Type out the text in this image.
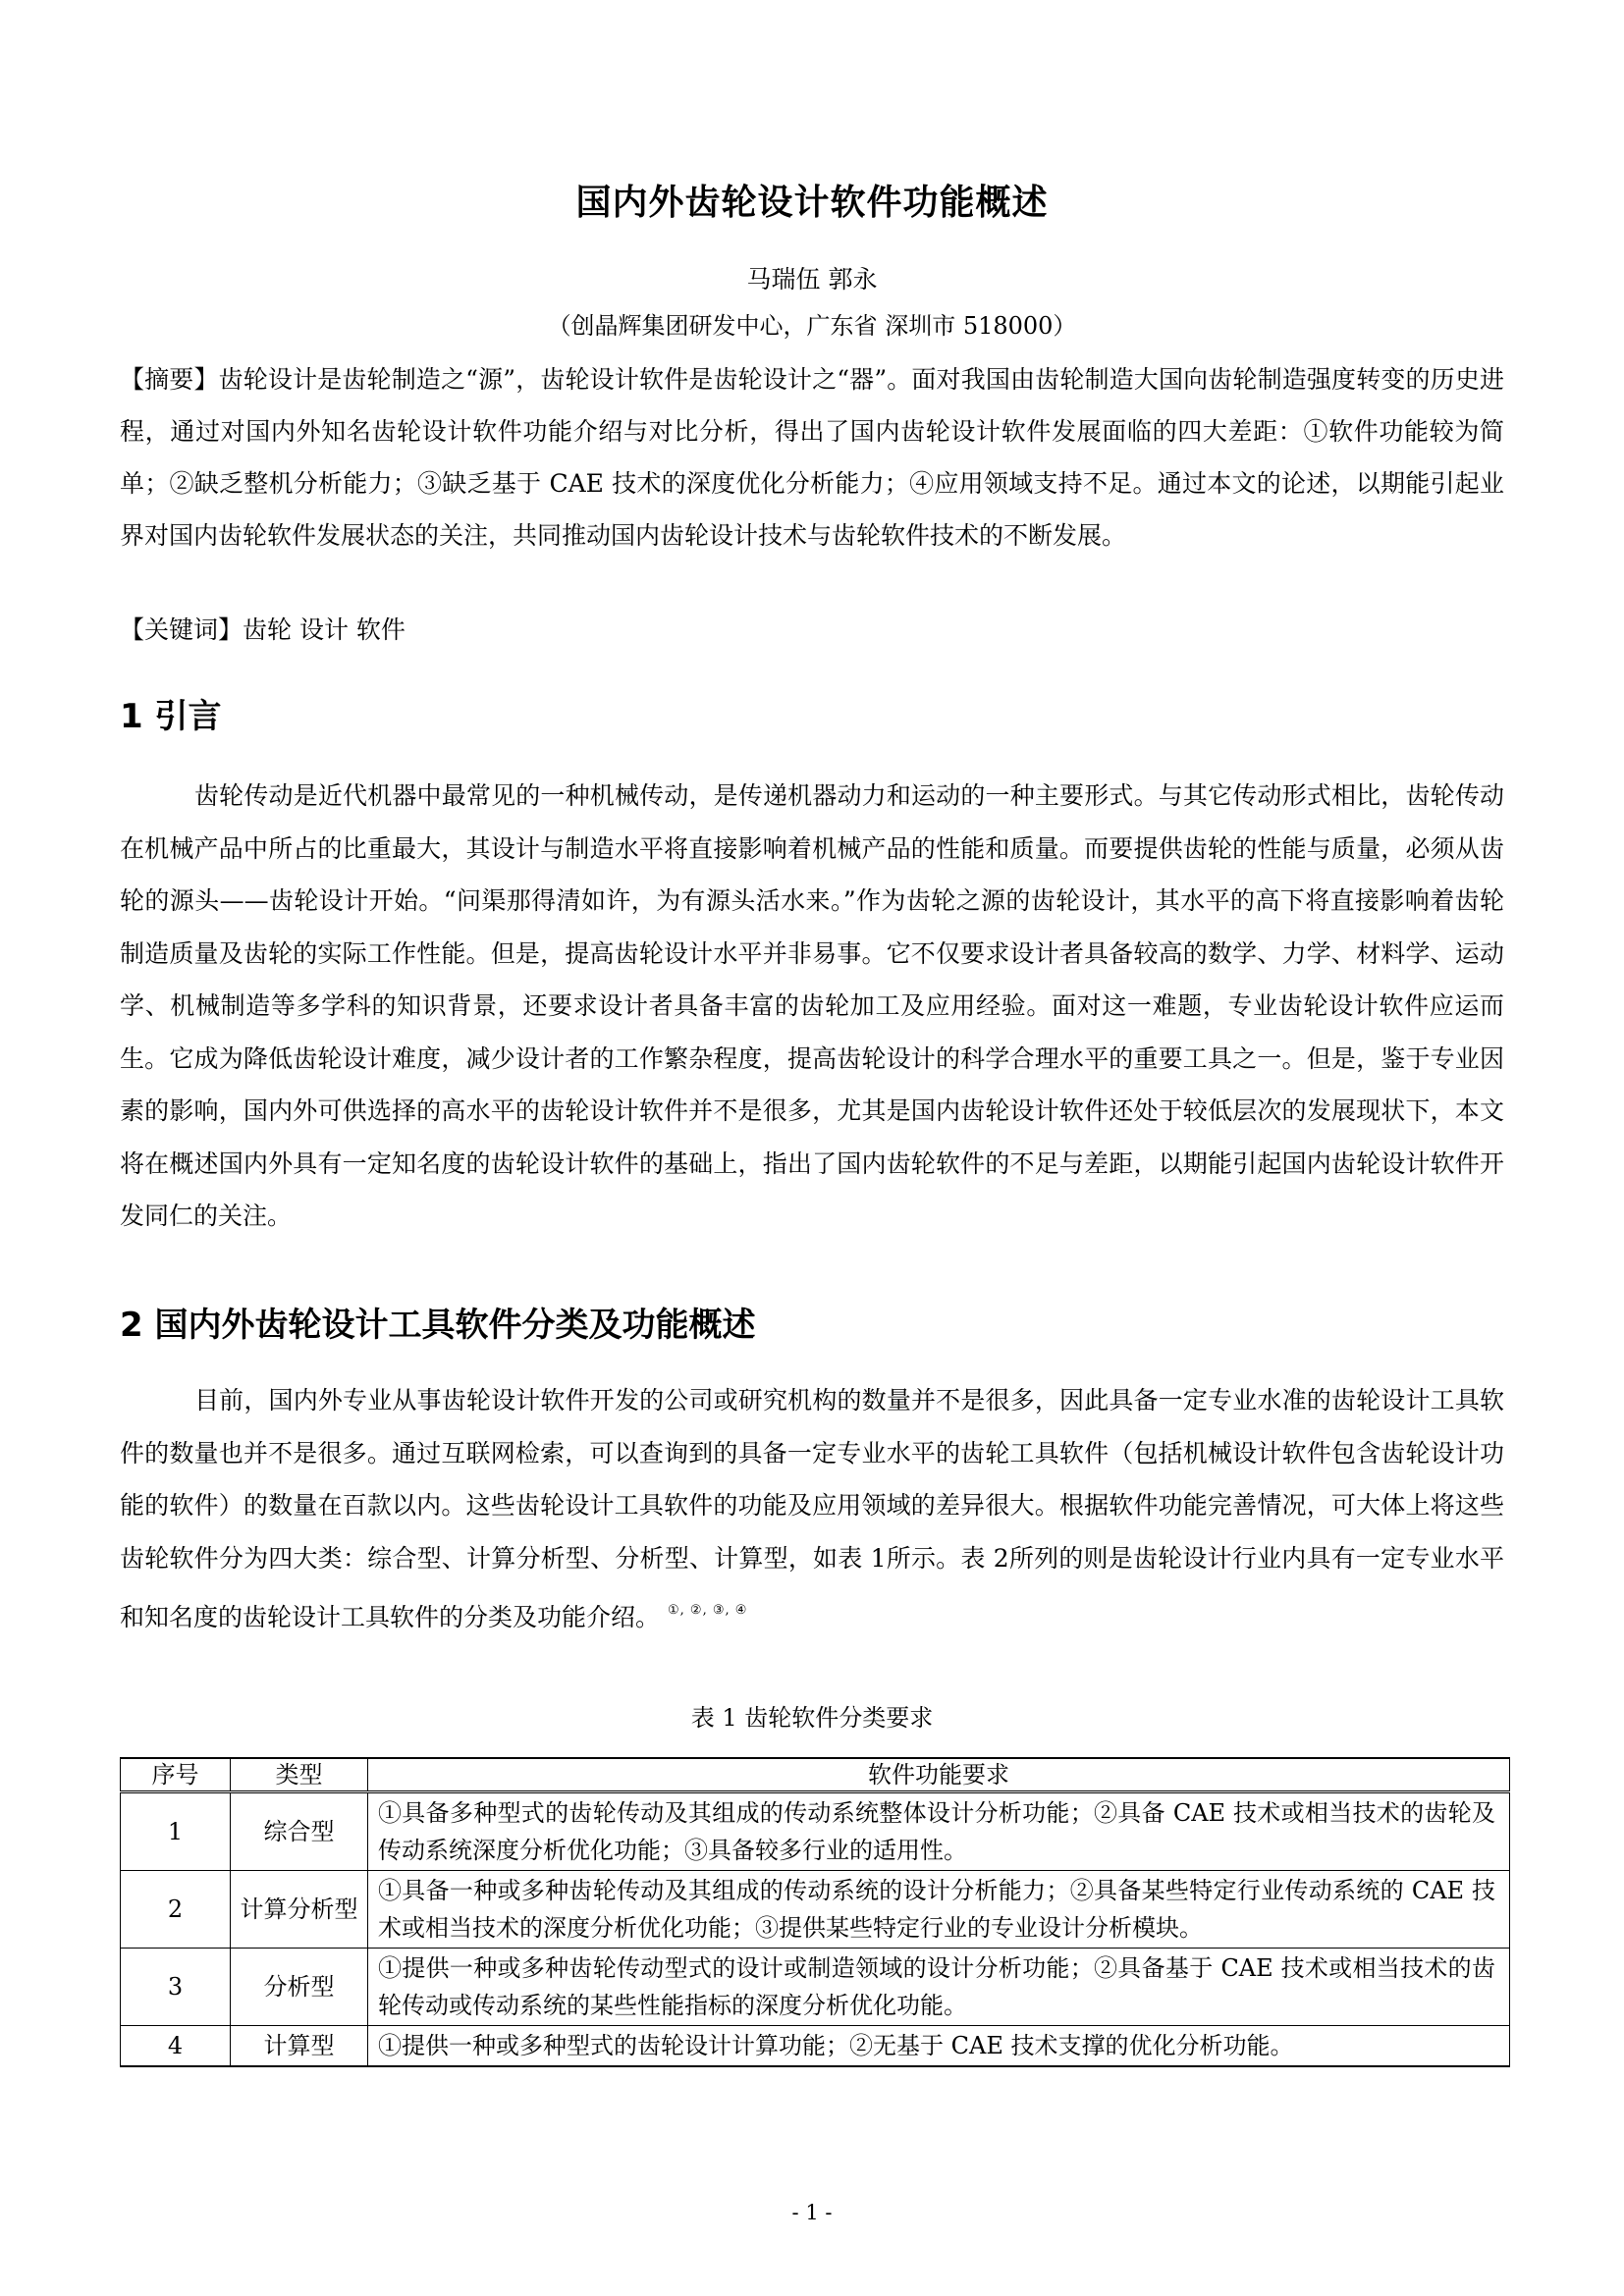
国内外齿轮设计软件功能概述
马瑞伍 郭永
（创晶辉集团研发中心，广东省 深圳市 518000）

【摘要】齿轮设计是齿轮制造之“源”，齿轮设计软件是齿轮设计之“器”。面对我国由齿轮制造大国向齿轮制造强度转变的历史进程，通过对国内外知名齿轮设计软件功能介绍与对比分析，得出了国内齿轮设计软件发展面临的四大差距：①软件功能较为简单；②缺乏整机分析能力；③缺乏基于 CAE 技术的深度优化分析能力；④应用领域支持不足。通过本文的论述，以期能引起业界对国内齿轮软件发展状态的关注，共同推动国内齿轮设计技术与齿轮软件技术的不断发展。

【关键词】齿轮 设计 软件
1 引言

齿轮传动是近代机器中最常见的一种机械传动，是传递机器动力和运动的一种主要形式。与其它传动形式相比，齿轮传动在机械产品中所占的比重最大，其设计与制造水平将直接影响着机械产品的性能和质量。而要提供齿轮的性能与质量，必须从齿轮的源头——齿轮设计开始。“问渠那得清如许，为有源头活水来。”作为齿轮之源的齿轮设计，其水平的高下将直接影响着齿轮制造质量及齿轮的实际工作性能。但是，提高齿轮设计水平并非易事。它不仅要求设计者具备较高的数学、力学、材料学、运动学、机械制造等多学科的知识背景，还要求设计者具备丰富的齿轮加工及应用经验。面对这一难题，专业齿轮设计软件应运而生。它成为降低齿轮设计难度，减少设计者的工作繁杂程度，提高齿轮设计的科学合理水平的重要工具之一。但是，鉴于专业因素的影响，国内外可供选择的高水平的齿轮设计软件并不是很多，尤其是国内齿轮设计软件还处于较低层次的发展现状下，本文将在概述国内外具有一定知名度的齿轮设计软件的基础上，指出了国内齿轮软件的不足与差距，以期能引起国内齿轮设计软件开发同仁的关注。

2 国内外齿轮设计工具软件分类及功能概述

目前，国内外专业从事齿轮设计软件开发的公司或研究机构的数量并不是很多，因此具备一定专业水准的齿轮设计工具软件的数量也并不是很多。通过互联网检索，可以查询到的具备一定专业水平的齿轮工具软件（包括机械设计软件包含齿轮设计功能的软件）的数量在百款以内。这些齿轮设计工具软件的功能及应用领域的差异很大。根据软件功能完善情况，可大体上将这些齿轮软件分为四大类：综合型、计算分析型、分析型、计算型，如表 1所示。表 2所列的则是齿轮设计行业内具有一定专业水平和知名度的齿轮设计工具软件的分类及功能介绍。 ①, ②, ③, ④

表 1 齿轮软件分类要求
序号	类型	软件功能要求
1	综合型	①具备多种型式的齿轮传动及其组成的传动系统整体设计分析功能；②具备 CAE 技术或相当技术的齿轮及传动系统深度分析优化功能；③具备较多行业的适用性。
2	计算分析型	①具备一种或多种齿轮传动及其组成的传动系统的设计分析能力；②具备某些特定行业传动系统的 CAE 技术或相当技术的深度分析优化功能；③提供某些特定行业的专业设计分析模块。
3	分析型	①提供一种或多种齿轮传动型式的设计或制造领域的设计分析功能；②具备基于 CAE 技术或相当技术的齿轮传动或传动系统的某些性能指标的深度分析优化功能。
4	计算型	①提供一种或多种型式的齿轮设计计算功能；②无基于 CAE 技术支撑的优化分析功能。
- 1 -
